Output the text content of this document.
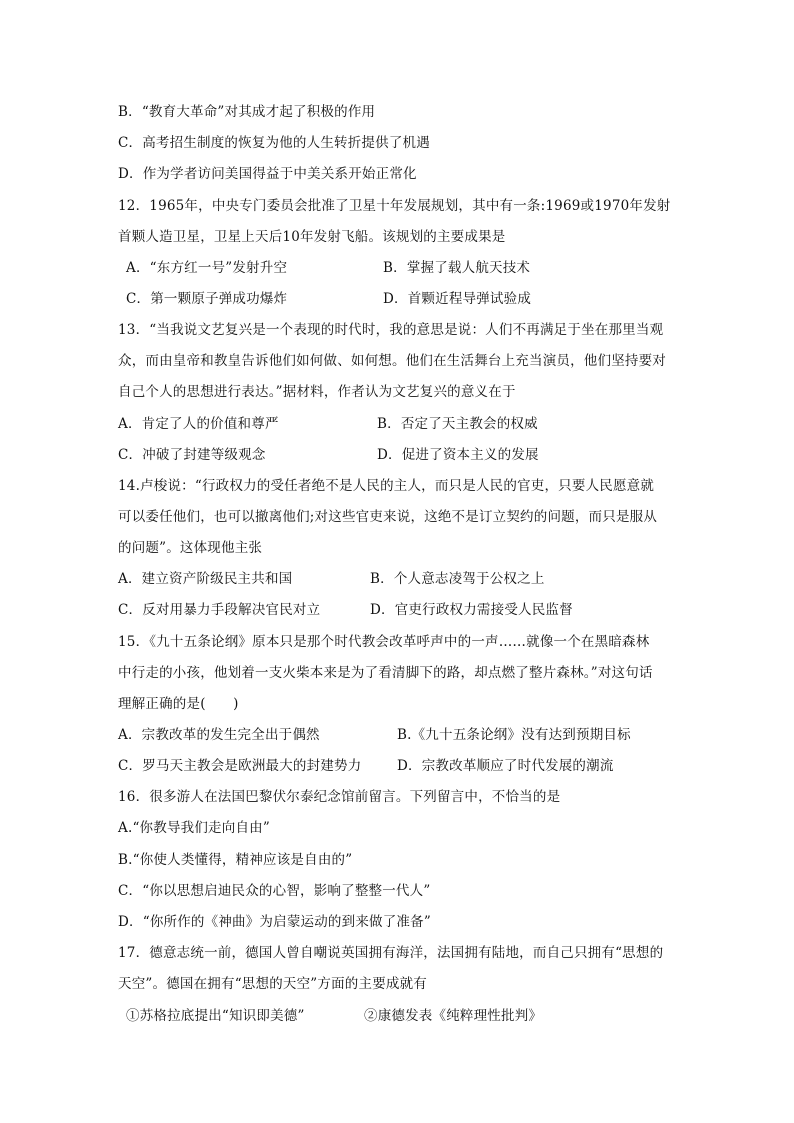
B．“教育大革命”对其成才起了积极的作用
C．高考招生制度的恢复为他的人生转折提供了机遇
D．作为学者访问美国得益于中美关系开始正常化
12．1965年，中央专门委员会批准了卫星十年发展规划，其中有一条:1969或1970年发射
首颗人造卫星，卫星上天后10年发射飞船。该规划的主要成果是
A．“东方红一号”发射升空	B．掌握了载人航天技术
C．第一颗原子弹成功爆炸	D．首颗近程导弹试验成
13．“当我说文艺复兴是一个表现的时代时，我的意思是说：人们不再满足于坐在那里当观
众，而由皇帝和教皇告诉他们如何做、如何想。他们在生活舞台上充当演员，他们坚持要对
自己个人的思想进行表达。”据材料，作者认为文艺复兴的意义在于
A．肯定了人的价值和尊严	B．否定了天主教会的权威
C．冲破了封建等级观念	D．促进了资本主义的发展
14.卢梭说：“行政权力的受任者绝不是人民的主人，而只是人民的官吏，只要人民愿意就
可以委任他们，也可以撤离他们;对这些官吏来说，这绝不是订立契约的问题，而只是服从
的问题”。这体现他主张
A．建立资产阶级民主共和国	B．个人意志凌驾于公权之上
C．反对用暴力手段解决官民对立	D．官吏行政权力需接受人民监督
15．《九十五条论纲》原本只是那个时代教会改革呼声中的一声……就像一个在黑暗森林
中行走的小孩，他划着一支火柴本来是为了看清脚下的路，却点燃了整片森林。”对这句话
理解正确的是(　　)
A．宗教改革的发生完全出于偶然	B.《九十五条论纲》没有达到预期目标
C．罗马天主教会是欧洲最大的封建势力	D．宗教改革顺应了时代发展的潮流
16．很多游人在法国巴黎伏尔泰纪念馆前留言。下列留言中，不恰当的是
A.“你教导我们走向自由”
B.“你使人类懂得，精神应该是自由的”
C．“你以思想启迪民众的心智，影响了整整一代人”
D．“你所作的《神曲》为启蒙运动的到来做了准备”
17．德意志统一前，德国人曾自嘲说英国拥有海洋，法国拥有陆地，而自己只拥有“思想的
天空”。德国在拥有“思想的天空”方面的主要成就有
①苏格拉底提出“知识即美德”	②康德发表《纯粹理性批判》
